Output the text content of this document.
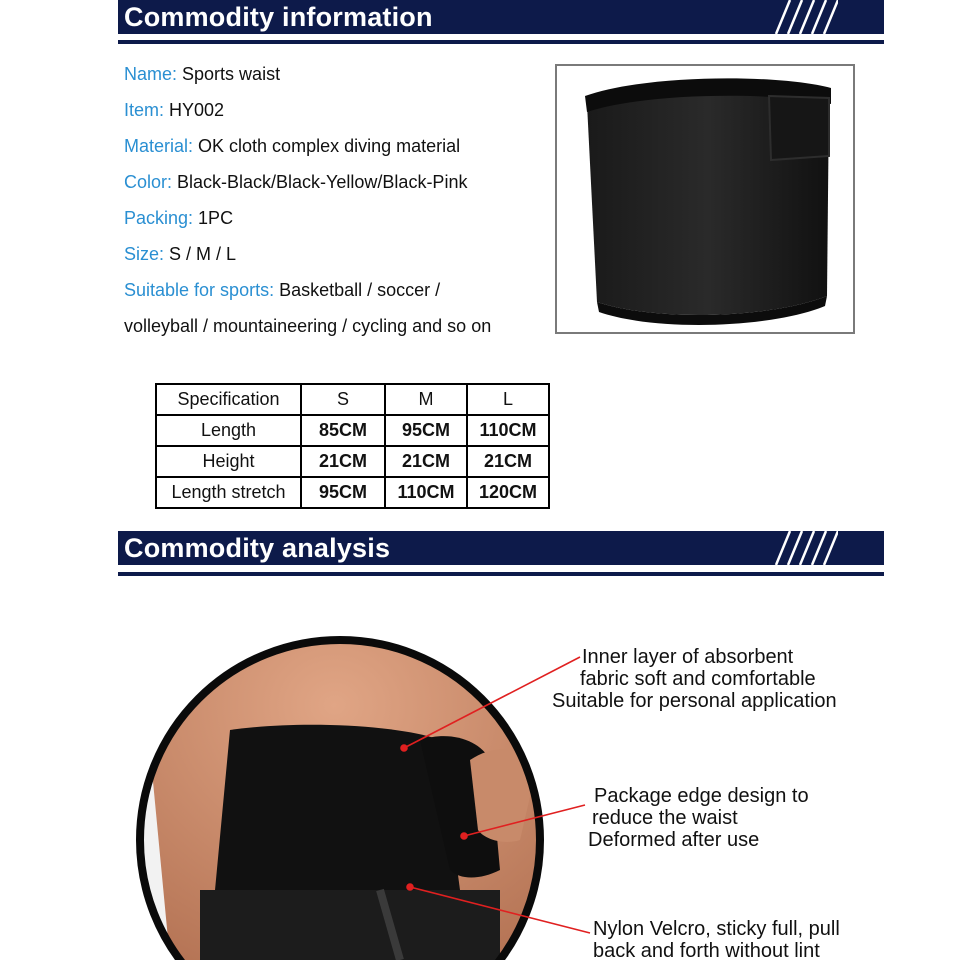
Commodity information
Name: Sports waist
Item: HY002
Material: OK cloth complex diving material
Color: Black-Black/Black-Yellow/Black-Pink
Packing: 1PC
Size: S / M / L
Suitable for sports: Basketball / soccer /
volleyball / mountaineering / cycling and so on
Specification	S	M	L
Length	85CM	95CM	110CM
Height	21CM	21CM	21CM
Length stretch	95CM	110CM	120CM
Commodity analysis
Inner layer of absorbent
fabric soft and comfortable
Suitable for personal application
Package edge design to
reduce the waist
Deformed after use
Nylon Velcro, sticky full, pull
back and forth without lint
